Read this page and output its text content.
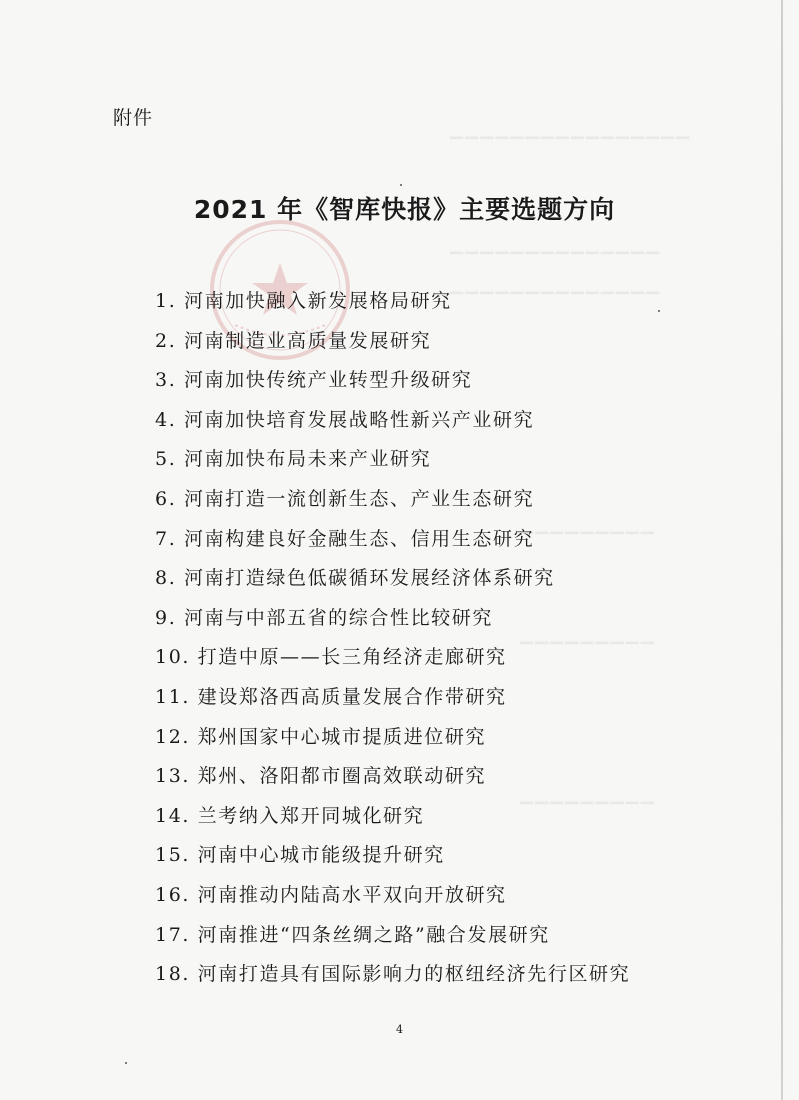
▁▁▁▁▁▁▁▁▁▁▁▁▁▁▁▁
▁▁▁▁▁▁▁▁▁▁▁▁▁▁
▁▁▁▁▁▁▁▁▁▁▁▁▁▁
▁▁▁▁▁▁▁▁▁
▁▁▁▁▁▁▁▁▁
▁▁▁▁▁▁▁▁▁
附件
2021 年《智库快报》主要选题方向
1. 河南加快融入新发展格局研究
2. 河南制造业高质量发展研究
3. 河南加快传统产业转型升级研究
4. 河南加快培育发展战略性新兴产业研究
5. 河南加快布局未来产业研究
6. 河南打造一流创新生态、产业生态研究
7. 河南构建良好金融生态、信用生态研究
8. 河南打造绿色低碳循环发展经济体系研究
9. 河南与中部五省的综合性比较研究
10. 打造中原——长三角经济走廊研究
11. 建设郑洛西高质量发展合作带研究
12. 郑州国家中心城市提质进位研究
13. 郑州、洛阳都市圈高效联动研究
14. 兰考纳入郑开同城化研究
15. 河南中心城市能级提升研究
16. 河南推动内陆高水平双向开放研究
17. 河南推进“四条丝绸之路”融合发展研究
18. 河南打造具有国际影响力的枢纽经济先行区研究
4
